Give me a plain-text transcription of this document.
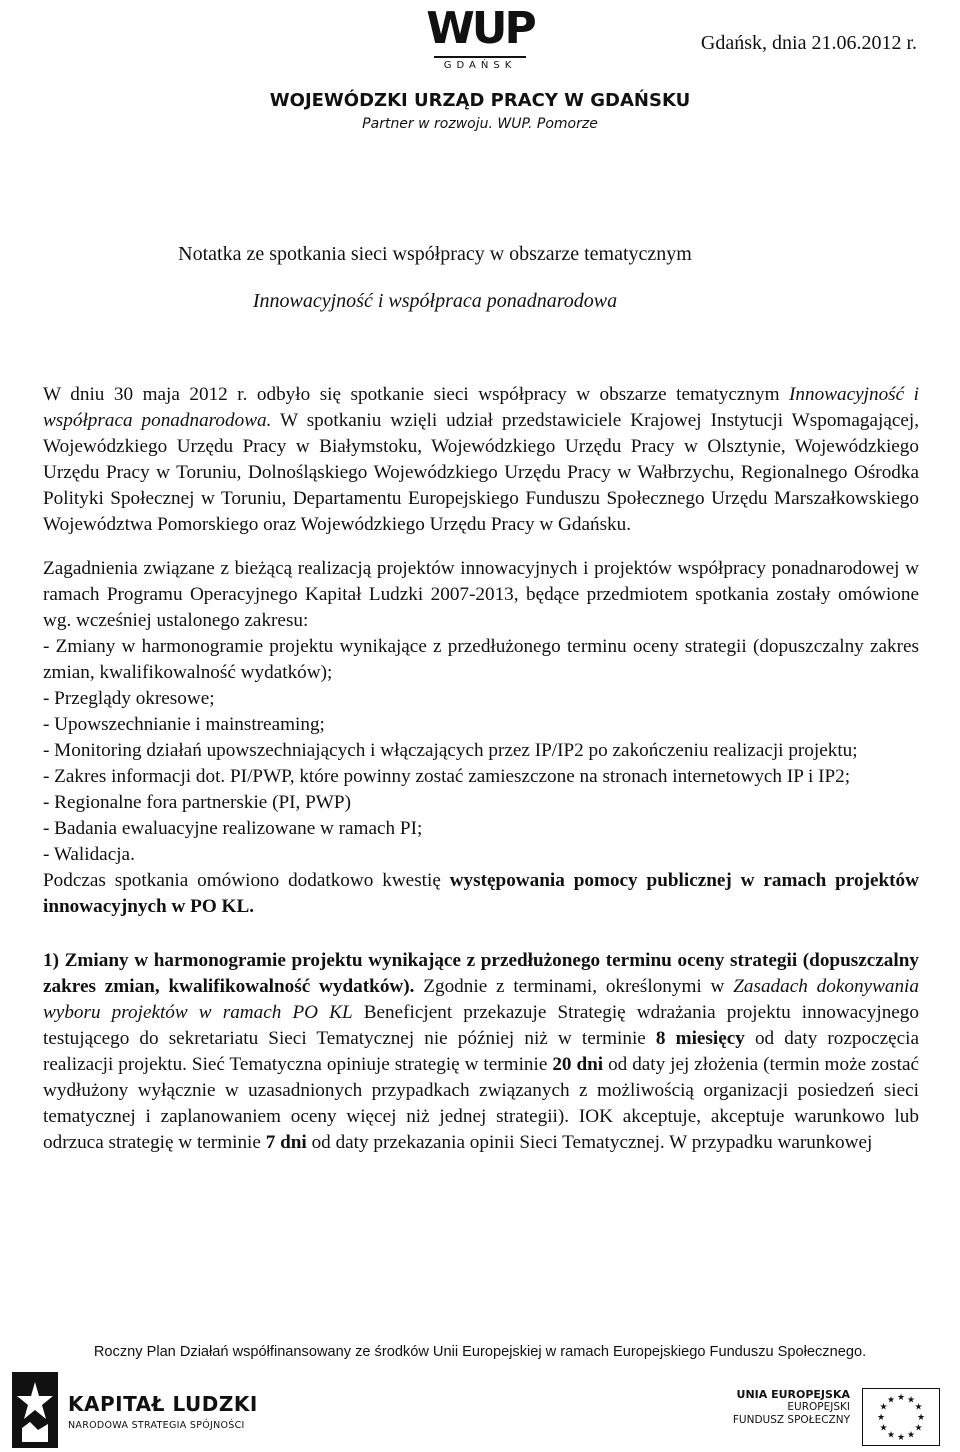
WUP
GDAŃSK
WOJEWÓDZKI URZĄD PRACY W GDAŃSKU
Partner w rozwoju. WUP. Pomorze
Gdańsk, dnia 21.06.2012 r.
Notatka ze spotkania sieci współpracy w obszarze tematycznym
Innowacyjność i współpraca ponadnarodowa

W dniu 30 maja 2012 r. odbyło się spotkanie sieci współpracy w obszarze tematycznym Innowacyjność i współpraca ponadnarodowa. W spotkaniu wzięli udział przedstawiciele Krajowej Instytucji Wspomagającej, Wojewódzkiego Urzędu Pracy w Białymstoku, Wojewódzkiego Urzędu Pracy w Olsztynie, Wojewódzkiego Urzędu Pracy w Toruniu, Dolnośląskiego Wojewódzkiego Urzędu Pracy w Wałbrzychu, Regionalnego Ośrodka Polityki Społecznej w Toruniu, Departamentu Europejskiego Funduszu Społecznego Urzędu Marszałkowskiego Województwa Pomorskiego oraz Wojewódzkiego Urzędu Pracy w Gdańsku.

Zagadnienia związane z bieżącą realizacją projektów innowacyjnych i projektów współpracy ponadnarodowej w ramach Programu Operacyjnego Kapitał Ludzki 2007-2013, będące przedmiotem spotkania zostały omówione wg. wcześniej ustalonego zakresu:

- Zmiany w harmonogramie projektu wynikające z przedłużonego terminu oceny strategii (dopuszczalny zakres zmian, kwalifikowalność wydatków);

- Przeglądy okresowe;

- Upowszechnianie i mainstreaming;

- Monitoring działań upowszechniających i włączających przez IP/IP2 po zakończeniu realizacji projektu;

- Zakres informacji dot. PI/PWP, które powinny zostać zamieszczone na stronach internetowych IP i IP2;

- Regionalne fora partnerskie (PI, PWP)

- Badania ewaluacyjne realizowane w ramach PI;

- Walidacja.

Podczas spotkania omówiono dodatkowo kwestię występowania pomocy publicznej w ramach projektów innowacyjnych w PO KL.

1) Zmiany w harmonogramie projektu wynikające z przedłużonego terminu oceny strategii (dopuszczalny zakres zmian, kwalifikowalność wydatków). Zgodnie z terminami, określonymi w Zasadach dokonywania wyboru projektów w ramach PO KL Beneficjent przekazuje Strategię wdrażania projektu innowacyjnego testującego do sekretariatu Sieci Tematycznej nie później niż w terminie 8 miesięcy od daty rozpoczęcia realizacji projektu. Sieć Tematyczna opiniuje strategię w terminie 20 dni od daty jej złożenia (termin może zostać wydłużony wyłącznie w uzasadnionych przypadkach związanych z możliwością organizacji posiedzeń sieci tematycznej i zaplanowaniem oceny więcej niż jednej strategii). IOK akceptuje, akceptuje warunkowo lub odrzuca strategię w terminie 7 dni od daty przekazania opinii Sieci Tematycznej. W przypadku warunkowej

Roczny Plan Działań współfinansowany ze środków Unii Europejskiej w ramach Europejskiego Funduszu Społecznego.
KAPITAŁ LUDZKI
NARODOWA STRATEGIA SPÓJNOŚCI
UNIA EUROPEJSKA
EUROPEJSKI
FUNDUSZ SPOŁECZNY
★ ★
★
★
★
★
★
★
★
★
★
★
